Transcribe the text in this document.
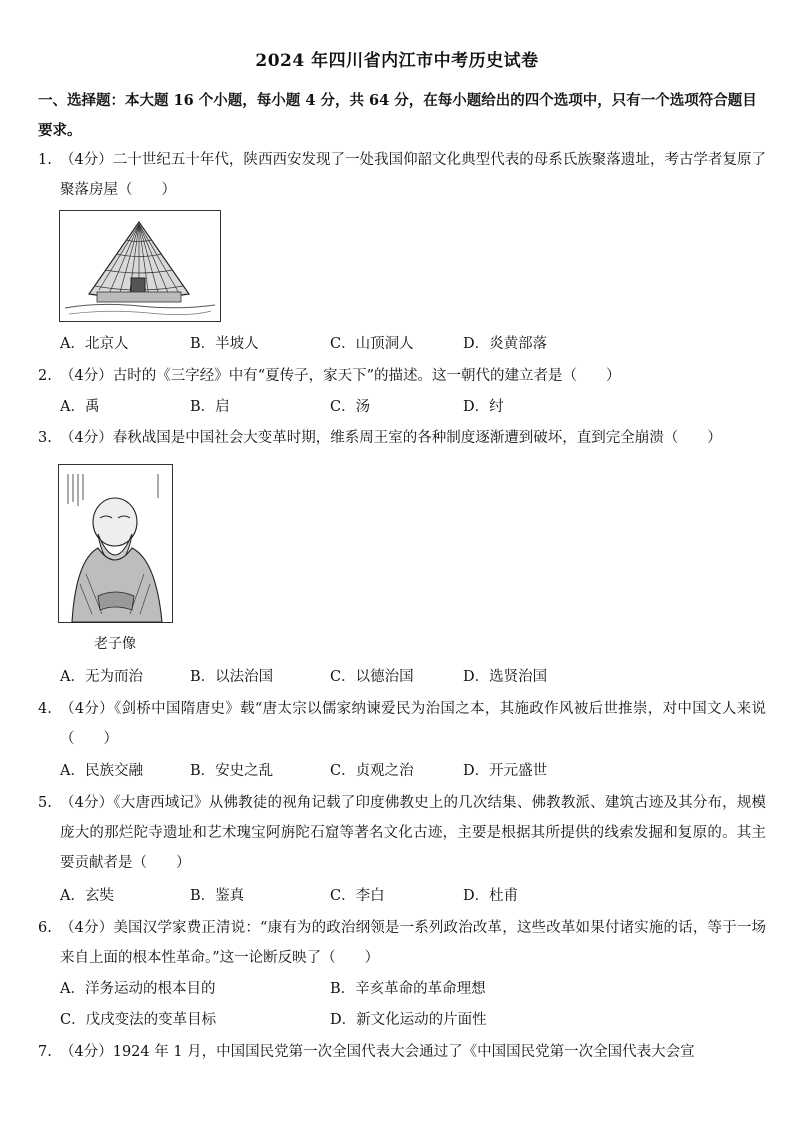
2024 年四川省内江市中考历史试卷
一、选择题：本大题 16 个小题，每小题 4 分，共 64 分，在每小题给出的四个选项中，只有一个选项符合题目要求。
1. （4分）二十世纪五十年代，陕西西安发现了一处我国仰韶文化典型代表的母系氏族聚落遗址，考古学者复原了聚落房屋（　　）
A．北京人	B．半坡人	C．山顶洞人	D．炎黄部落
2. （4分）古时的《三字经》中有“夏传子，家天下”的描述。这一朝代的建立者是（　　）
A．禹	B．启	C．汤	D．纣
3. （4分）春秋战国是中国社会大变革时期，维系周王室的各种制度逐渐遭到破坏，直到完全崩溃（　　）
老子像
A．无为而治	B．以法治国	C．以德治国	D．选贤治国
4. （4分）《剑桥中国隋唐史》载“唐太宗以儒家纳谏爱民为治国之本，其施政作风被后世推崇，对中国文人来说（　　）
A．民族交融	B．安史之乱	C．贞观之治	D．开元盛世
5. （4分）《大唐西域记》从佛教徒的视角记载了印度佛教史上的几次结集、佛教教派、建筑古迹及其分布，规模庞大的那烂陀寺遗址和艺术瑰宝阿旃陀石窟等著名文化古迹，主要是根据其所提供的线索发掘和复原的。其主要贡献者是（　　）
A．玄奘	B．鉴真	C．李白	D．杜甫
6. （4分）美国汉学家费正清说：“康有为的政治纲领是一系列政治改革，这些改革如果付诸实施的话，等于一场来自上面的根本性革命。”这一论断反映了（　　）
A．洋务运动的根本目的	B．辛亥革命的革命理想
C．戊戌变法的变革目标	D．新文化运动的片面性
7. （4分）1924 年 1 月，中国国民党第一次全国代表大会通过了《中国国民党第一次全国代表大会宣
